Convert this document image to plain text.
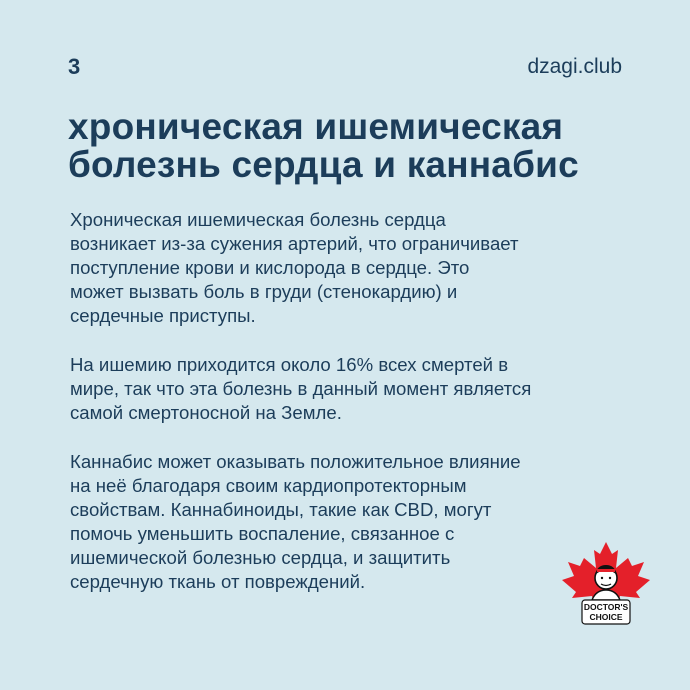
3	dzagi.club
хроническая ишемическая
болезнь сердца и каннабис

Хроническая ишемическая болезнь сердца
возникает из-за сужения артерий, что ограничивает
поступление крови и кислорода в сердце. Это
может вызвать боль в груди (стенокардию) и
сердечные приступы.

На ишемию приходится около 16% всех смертей в
мире, так что эта болезнь в данный момент является
самой смертоносной на Земле.

Каннабис может оказывать положительное влияние
на неё благодаря своим кардиопротекторным
свойствам. Каннабиноиды, такие как CBD, могут
помочь уменьшить воспаление, связанное с
ишемической болезнью сердца, и защитить
сердечную ткань от повреждений.

DOCTOR'S
CHOICE
